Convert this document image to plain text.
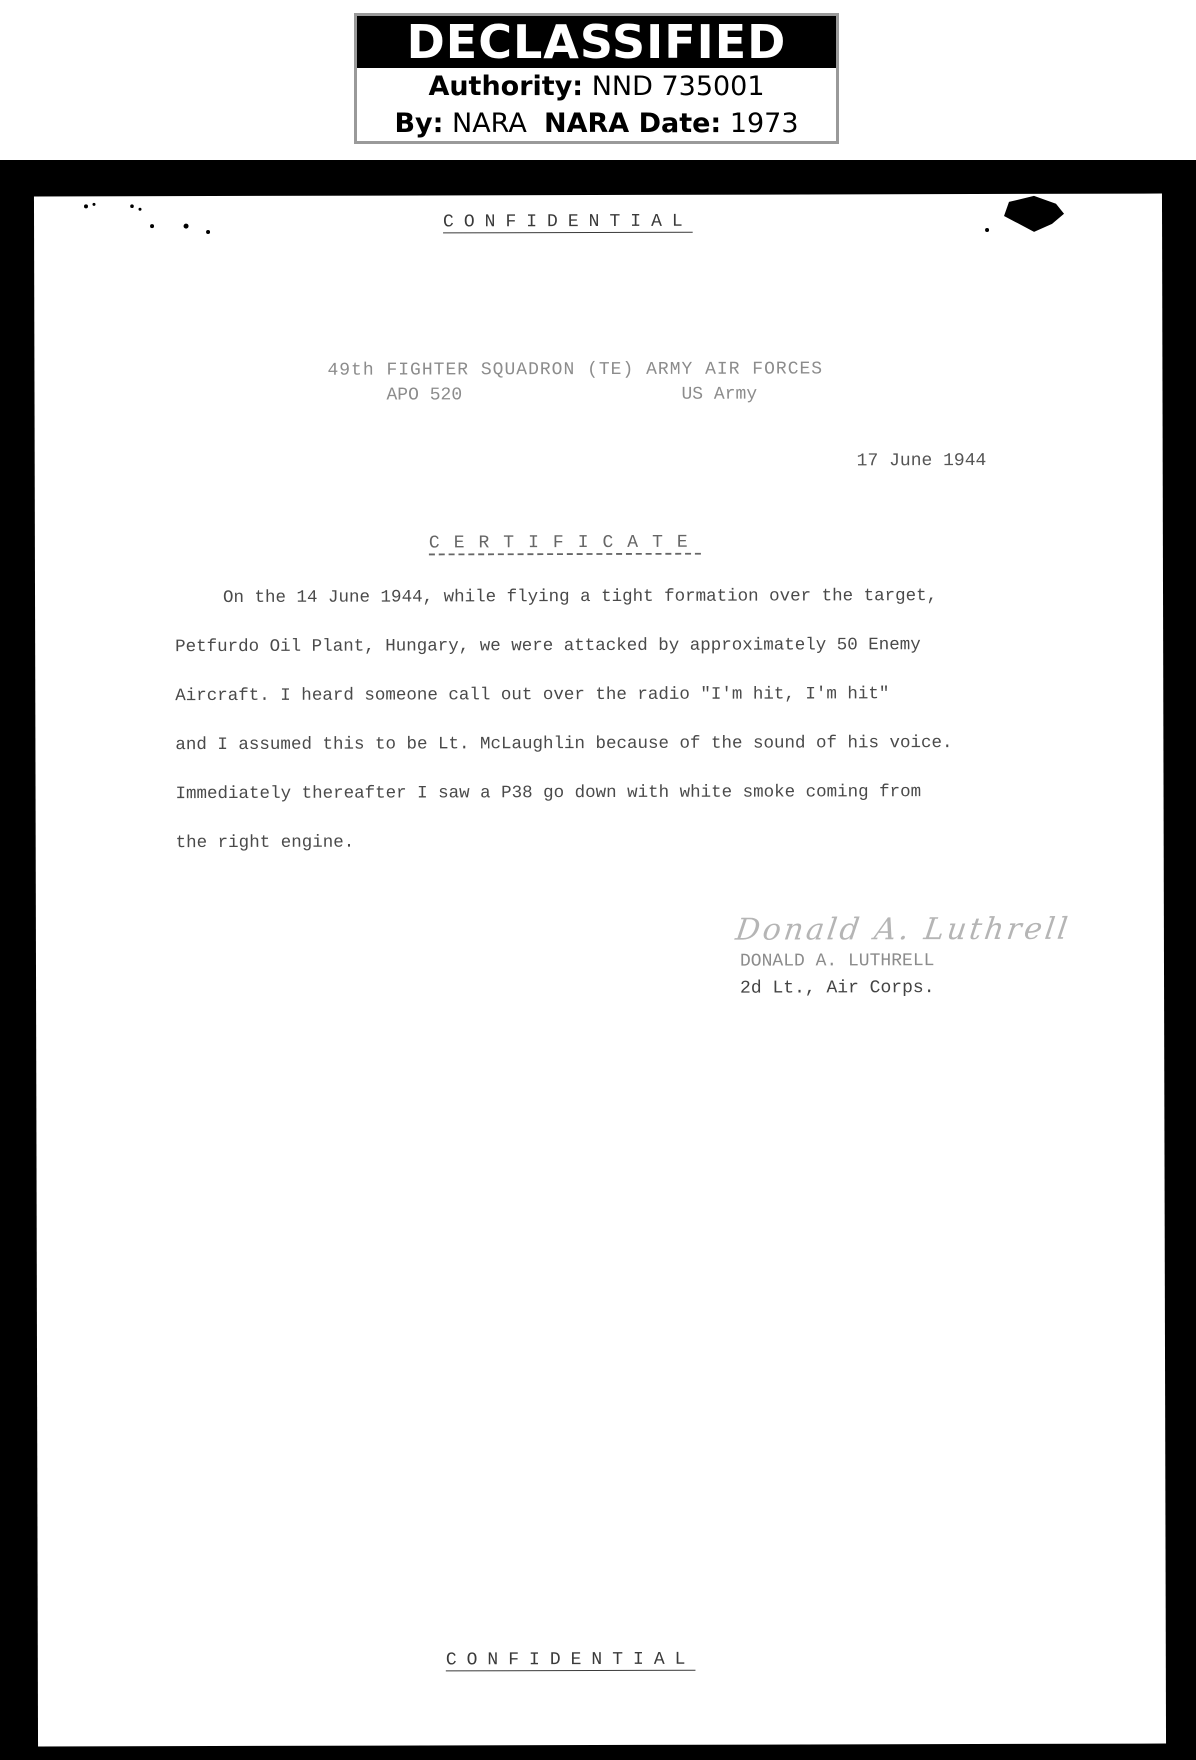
DECLASSIFIED
Authority: NND 735001
By: NARA NARA Date: 1973
CONFIDENTIAL
49th FIGHTER SQUADRON (TE) ARMY AIR FORCES
APO 520	US Army
17 June 1944
CERTIFICATE
On the 14 June 1944, while flying a tight formation over the target,
Petfurdo Oil Plant, Hungary, we were attacked by approximately 50 Enemy
Aircraft. I heard someone call out over the radio "I'm hit, I'm hit"
and I assumed this to be Lt. McLaughlin because of the sound of his voice.
Immediately thereafter I saw a P38 go down with white smoke coming from
the right engine.
Donald A. Luthrell
DONALD A. LUTHRELL
2d Lt., Air Corps.
CONFIDENTIAL
